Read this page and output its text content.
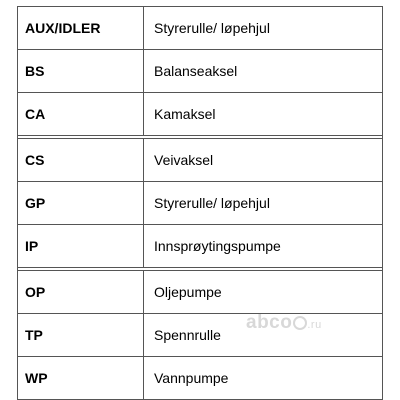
AUX/IDLER	Styrerulle/ løpehjul
BS	Balanseaksel
CA	Kamaksel
CS	Veivaksel
GP	Styrerulle/ løpehjul
IP	Innsprøytingspumpe
OP	Oljepumpe
TP	Spennrulle
WP	Vannpumpe
abco .ru
